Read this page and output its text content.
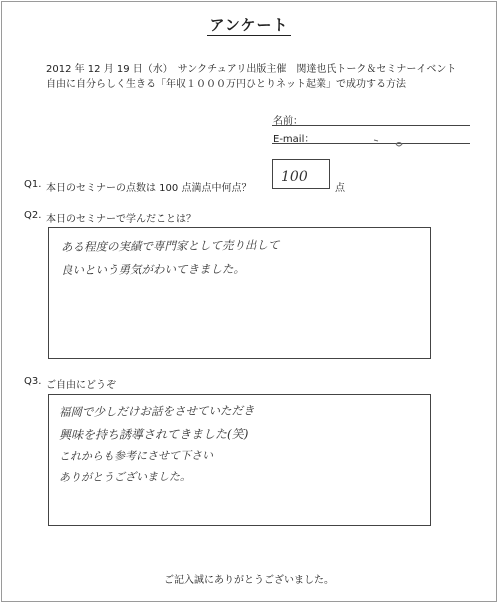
アンケート
2012 年 12 月 19 日（水）　サンクチュアリ出版主催　関達也氏トーク＆セミナーイベント
自由に自分らしく生きる「年収１０００万円ひとりネット起業」で成功する方法
名前：
E-mail：
Q1. 本日のセミナーの点数は 100 点満点中何点？
100
点
Q2. 本日のセミナーで学んだことは？
ある程度の実績で専門家として売り出して
良いという勇気がわいてきました。
Q3. ご自由にどうぞ
福岡で少しだけお話をさせていただき
興味を持ち誘導されてきました(笑)
これからも参考にさせて下さい
ありがとうございました。
ご記入誠にありがとうございました。
